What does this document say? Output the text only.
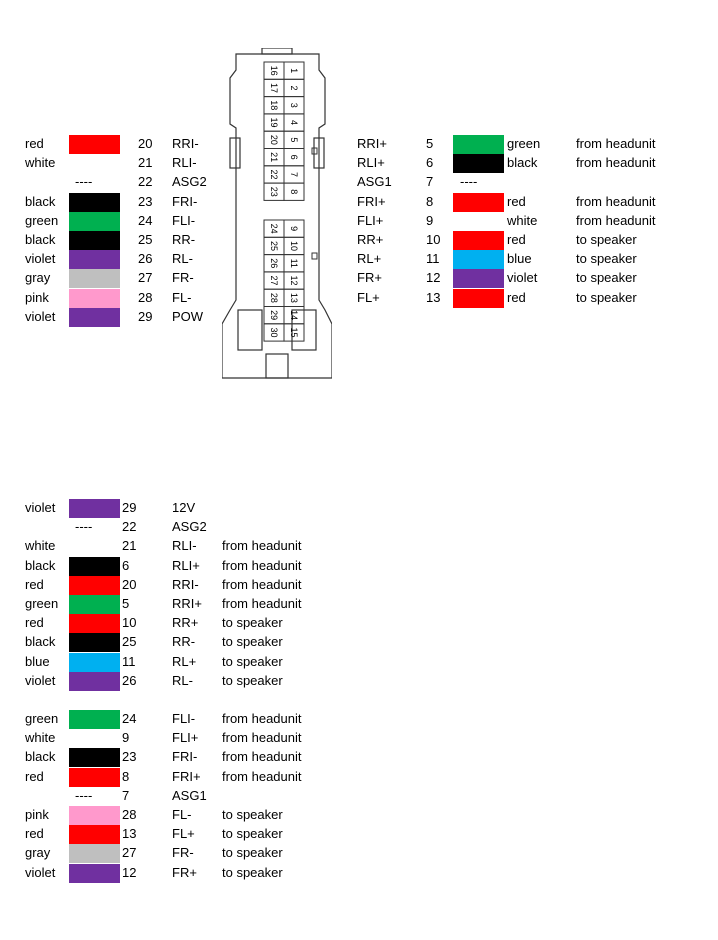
red	20 RRI-
white	21 RLI-
----	22 ASG2
black	23 FRI-
green	24 FLI-
black	25 RR-
violet	26 RL-
gray	27 FR-
pink	28 FL-
violet	29 POW
RRI+	5	green	from headunit
RLI+	6	black	from headunit
ASG1	7 ----
FRI+	8	red	from headunit
FLI+	9	white	from headunit
RR+	10	red	to speaker
RL+	11	blue	to speaker
FR+	12	violet	to speaker
FL+	13	red	to speaker
16
17
18
19
20
21
22
23
1
2
3
4
5
6
7
8
24
25
26
27
28
29
30
9
10
11
12
13
14
15
violet	29	12V
---- 22	ASG2
white	21	RLI- from headunit
black	6	RLI+ from headunit
red	20	RRI- from headunit
green	5	RRI+ from headunit
red	10	RR+ to speaker
black	25	RR- to speaker
blue	11	RL+ to speaker
violet	26	RL- to speaker
green	24	FLI- from headunit
white	9	FLI+ from headunit
black	23	FRI- from headunit
red	8	FRI+ from headunit
---- 7	ASG1
pink	28	FL- to speaker
red	13	FL+ to speaker
gray	27	FR- to speaker
violet	12	FR+ to speaker
